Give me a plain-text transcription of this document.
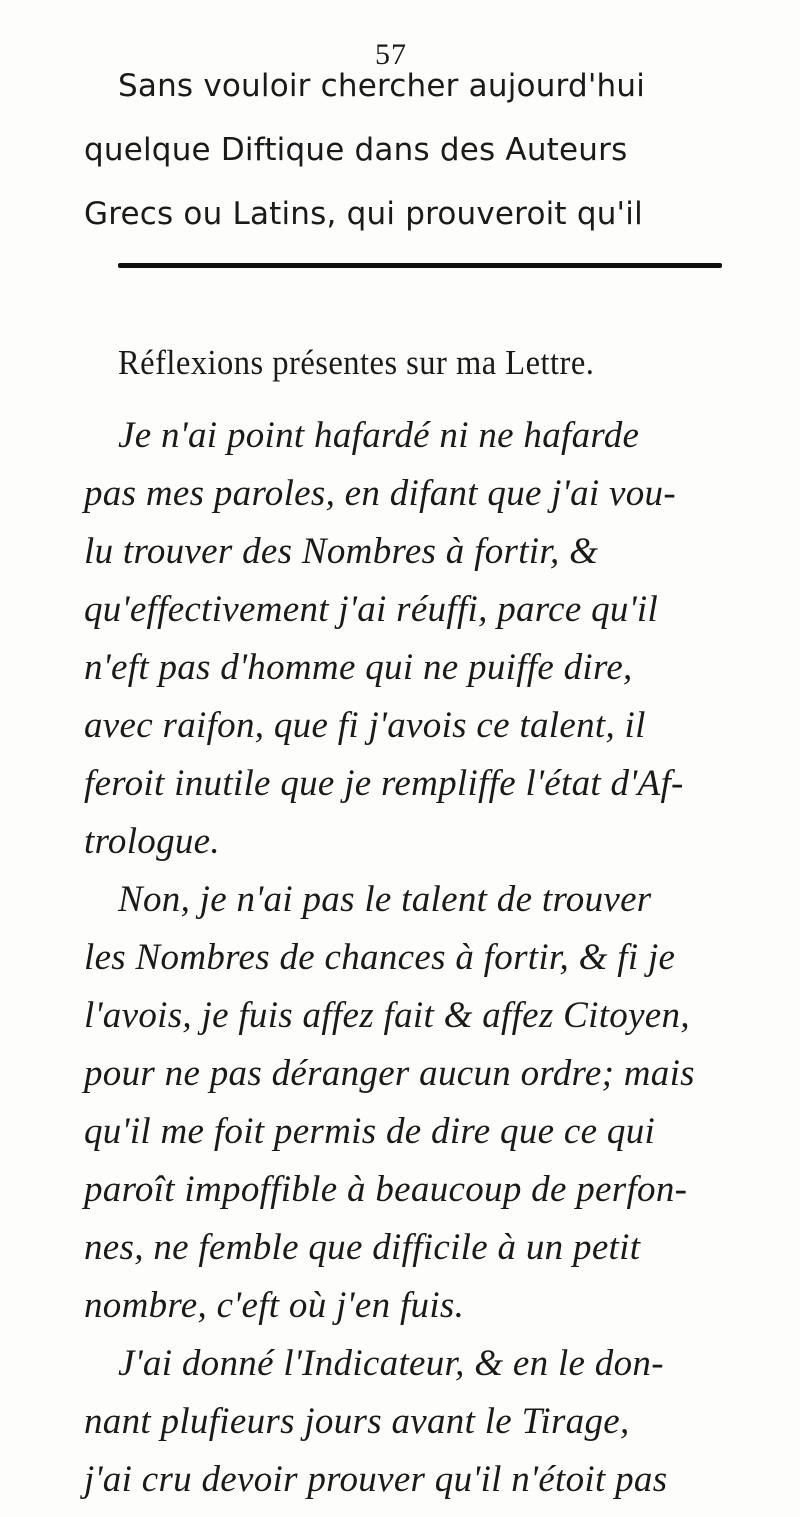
57
Sans vouloir chercher aujourd'hui
quelque Diftique dans des Auteurs
Grecs ou Latins, qui prouveroit qu'il
Réflexions présentes sur ma Lettre.
Je n'ai point hafardé ni ne hafarde
pas mes paroles, en difant que j'ai vou-
lu trouver des Nombres à fortir, &
qu'effectivement j'ai réuffi, parce qu'il
n'eft pas d'homme qui ne puiffe dire,
avec raifon, que fi j'avois ce talent, il
feroit inutile que je rempliffe l'état d'Af-
trologue.
Non, je n'ai pas le talent de trouver
les Nombres de chances à fortir, & fi je
l'avois, je fuis affez fait & affez Citoyen,
pour ne pas déranger aucun ordre; mais
qu'il me foit permis de dire que ce qui
paroît impoffible à beaucoup de perfon-
nes, ne femble que difficile à un petit
nombre, c'eft où j'en fuis.
J'ai donné l'Indicateur, & en le don-
nant plufieurs jours avant le Tirage,
j'ai cru devoir prouver qu'il n'étoit pas
